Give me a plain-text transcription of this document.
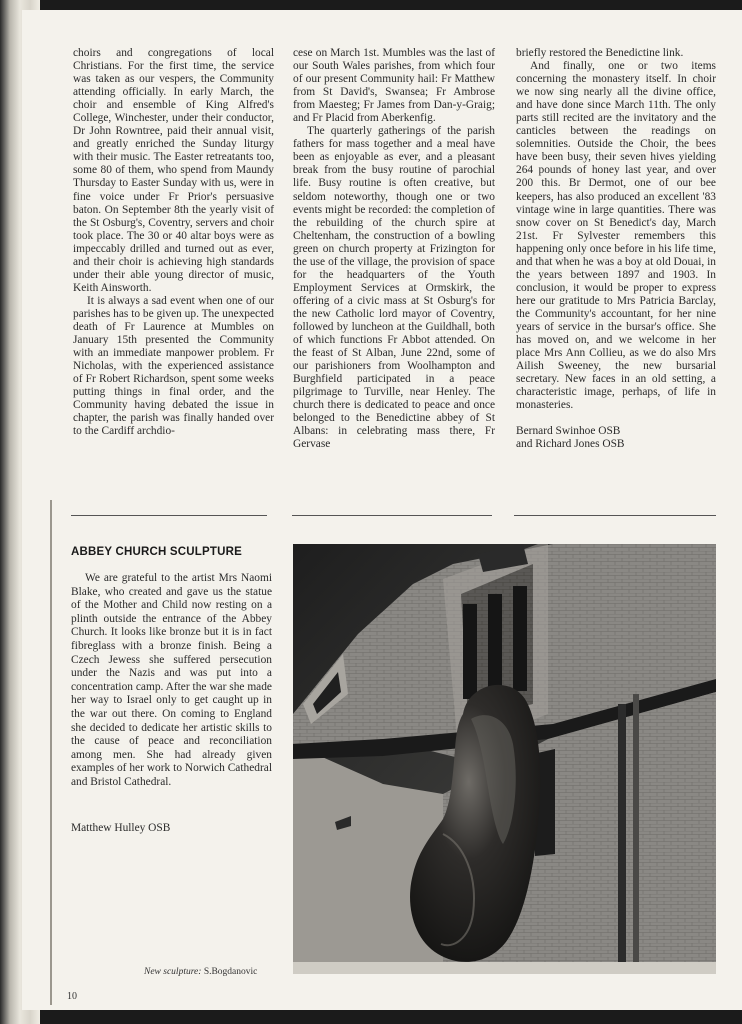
choirs and congregations of local Christians. For the first time, the service was taken as our vespers, the Community attending officially. In early March, the choir and ensemble of King Alfred's College, Winchester, under their conductor, Dr John Rowntree, paid their annual visit, and greatly enriched the Sunday liturgy with their music. The Easter retreatants too, some 80 of them, who spend from Maundy Thursday to Easter Sunday with us, were in fine voice under Fr Prior's persuasive baton. On September 8th the yearly visit of the St Osburg's, Coventry, servers and choir took place. The 30 or 40 altar boys were as impeccably drilled and turned out as ever, and their choir is achieving high standards under their able young director of music, Keith Ainsworth.

It is always a sad event when one of our parishes has to be given up. The unexpected death of Fr Laurence at Mumbles on January 15th presented the Community with an immediate manpower problem. Fr Nicholas, with the experienced assistance of Fr Robert Richardson, spent some weeks putting things in final order, and the Community having debated the issue in chapter, the parish was finally handed over to the Cardiff archdio-

cese on March 1st. Mumbles was the last of our South Wales parishes, from which four of our present Community hail: Fr Matthew from St David's, Swansea; Fr Ambrose from Maesteg; Fr James from Dan-y-Graig; and Fr Placid from Aberkenfig.

The quarterly gatherings of the parish fathers for mass together and a meal have been as enjoyable as ever, and a pleasant break from the busy routine of parochial life. Busy routine is often creative, but seldom noteworthy, though one or two events might be recorded: the completion of the rebuilding of the church spire at Cheltenham, the construction of a bowling green on church property at Frizington for the use of the village, the provision of space for the headquarters of the Youth Employment Services at Ormskirk, the offering of a civic mass at St Osburg's for the new Catholic lord mayor of Coventry, followed by luncheon at the Guildhall, both of which functions Fr Abbot attended. On the feast of St Alban, June 22nd, some of our parishioners from Woolhampton and Burghfield participated in a peace pilgrimage to Turville, near Henley. The church there is dedicated to peace and once belonged to the Benedictine abbey of St Albans: in celebrating mass there, Fr Gervase

briefly restored the Benedictine link.

And finally, one or two items concerning the monastery itself. In choir we now sing nearly all the divine office, and have done since March 11th. The only parts still recited are the invitatory and the canticles between the readings on solemnities. Outside the Choir, the bees have been busy, their seven hives yielding 264 pounds of honey last year, and over 200 this. Br Dermot, one of our bee keepers, has also produced an excellent '83 vintage wine in large quantities. There was snow cover on St Benedict's day, March 21st. Fr Sylvester remembers this happening only once before in his life time, and that when he was a boy at old Douai, in the years between 1897 and 1903. In conclusion, it would be proper to express here our gratitude to Mrs Patricia Barclay, the Community's accountant, for her nine years of service in the bursar's office. She has moved on, and we welcome in her place Mrs Ann Collieu, as we do also Mrs Ailish Sweeney, the new bursarial secretary. New faces in an old setting, a characteristic image, perhaps, of life in monasteries.

Bernard Swinhoe OSB

and Richard Jones OSB

ABBEY CHURCH SCULPTURE

We are grateful to the artist Mrs Naomi Blake, who created and gave us the statue of the Mother and Child now resting on a plinth outside the entrance of the Abbey Church. It looks like bronze but it is in fact fibreglass with a bronze finish. Being a Czech Jewess she suffered persecution under the Nazis and was put into a concentration camp. After the war she made her way to Israel only to get caught up in the war out there. On coming to England she decided to dedicate her artistic skills to the cause of peace and reconciliation among men. She had already given examples of her work to Norwich Cathedral and Bristol Cathedral.

Matthew Hulley OSB
New sculpture: S.Bogdanovic
10
